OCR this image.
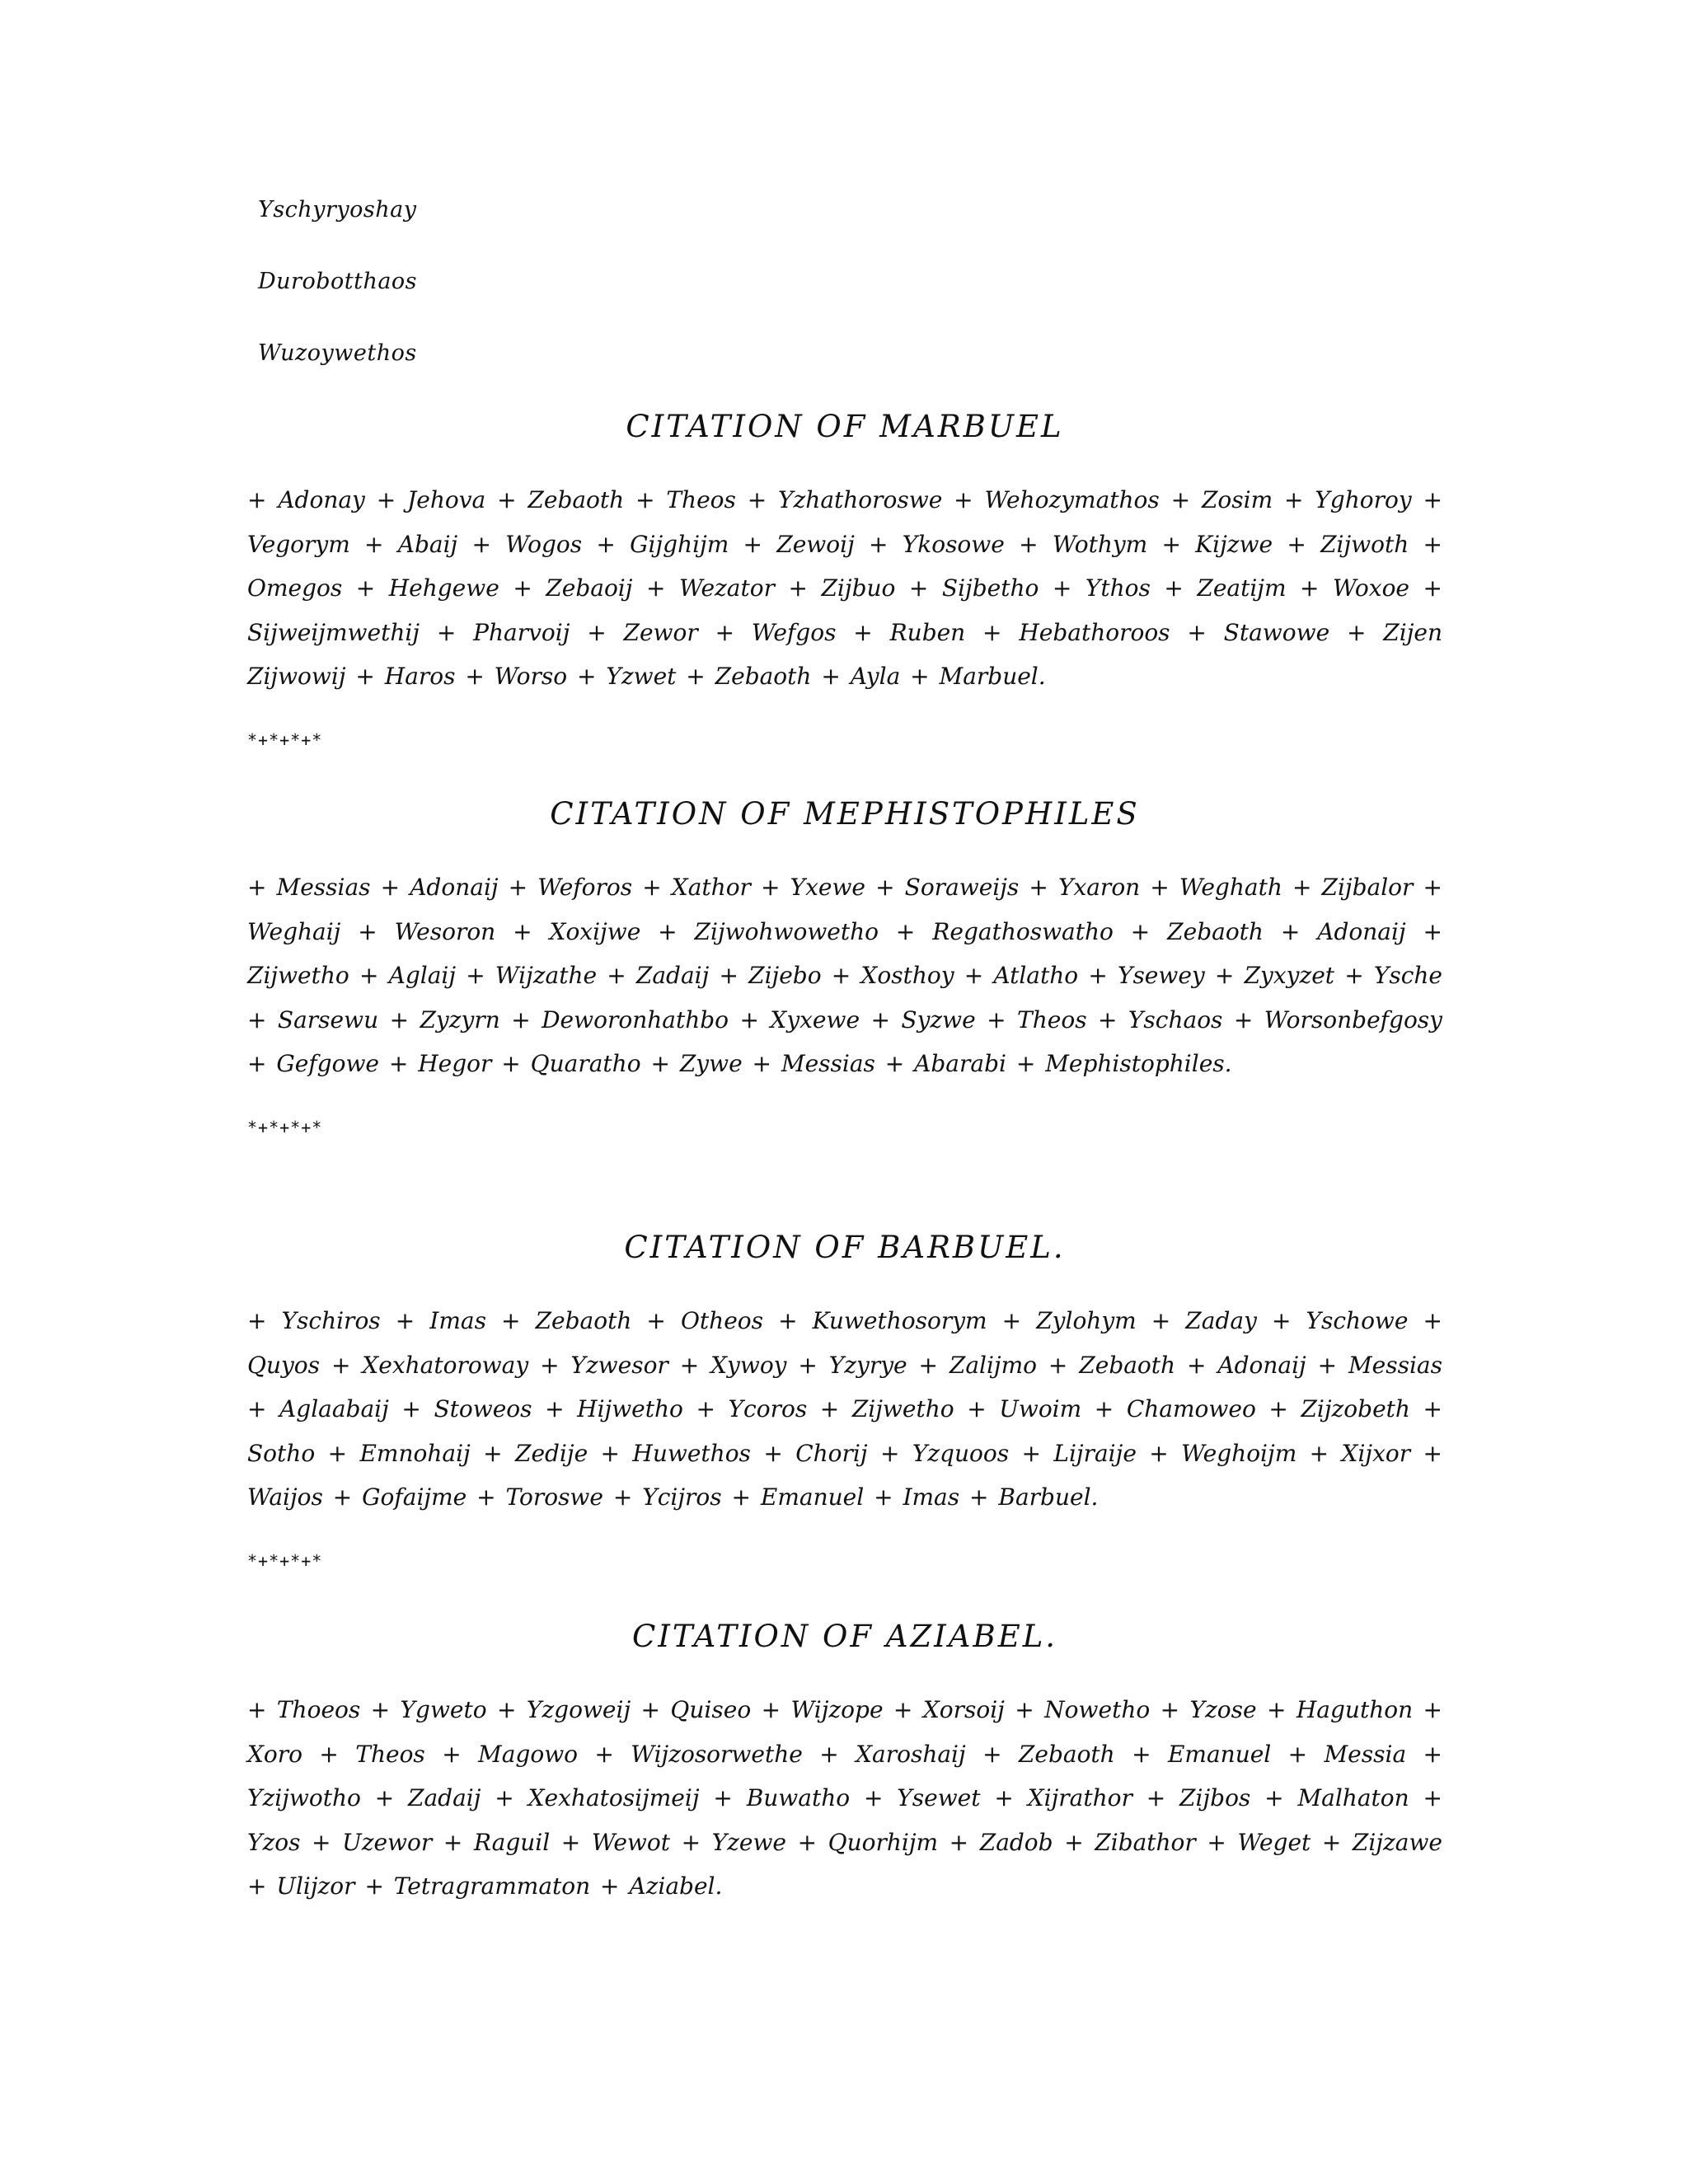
Yschyryoshay
Durobotthaos
Wuzoywethos
CITATION OF MARBUEL

+ Adonay + Jehova + Zebaoth + Theos + Yzhathoroswe + Wehozymathos + Zosim + Yghoroy + Vegorym + Abaij + Wogos + Gijghijm + Zewoij + Ykosowe + Wothym + Kijzwe + Zijwoth + Omegos + Hehgewe + Zebaoij + Wezator + Zijbuo + Sijbetho + Ythos + Zeatijm + Woxoe + Sijweijmwethij + Pharvoij + Zewor + Wefgos + Ruben + Hebathoroos + Stawowe + Zijen Zijwowij + Haros + Worso + Yzwet + Zebaoth + Ayla + Marbuel.

*+*+*+*
CITATION OF MEPHISTOPHILES

+ Messias + Adonaij + Weforos + Xathor + Yxewe + Soraweijs + Yxaron + Weghath + Zijbalor + Weghaij + Wesoron + Xoxijwe + Zijwohwowetho + Regathoswatho + Zebaoth + Adonaij + Zijwetho + Aglaij + Wijzathe + Zadaij + Zijebo + Xosthoy + Atlatho + Ysewey + Zyxyzet + Ysche + Sarsewu + Zyzyrn + Deworonhathbo + Xyxewe + Syzwe + Theos + Yschaos + Worsonbefgosy + Gefgowe + Hegor + Quaratho + Zywe + Messias + Abarabi + Mephistophiles.

*+*+*+*
CITATION OF BARBUEL.

+ Yschiros + Imas + Zebaoth + Otheos + Kuwethosorym + Zylohym + Zaday + Yschowe + Quyos + Xexhatoroway + Yzwesor + Xywoy + Yzyrye + Zalijmo + Zebaoth + Adonaij + Messias + Aglaabaij + Stoweos + Hijwetho + Ycoros + Zijwetho + Uwoim + Chamoweo + Zijzobeth + Sotho + Emnohaij + Zedije + Huwethos + Chorij + Yzquoos + Lijraije + Weghoijm + Xijxor + Waijos + Gofaijme + Toroswe + Ycijros + Emanuel + Imas + Barbuel.

*+*+*+*
CITATION OF AZIABEL.

+ Thoeos + Ygweto + Yzgoweij + Quiseo + Wijzope + Xorsoij + Nowetho + Yzose + Haguthon + Xoro + Theos + Magowo + Wijzosorwethe + Xaroshaij + Zebaoth + Emanuel + Messia + Yzijwotho + Zadaij + Xexhatosijmeij + Buwatho + Ysewet + Xijrathor + Zijbos + Malhaton + Yzos + Uzewor + Raguil + Wewot + Yzewe + Quorhijm + Zadob + Zibathor + Weget + Zijzawe + Ulijzor + Tetragrammaton + Aziabel.
